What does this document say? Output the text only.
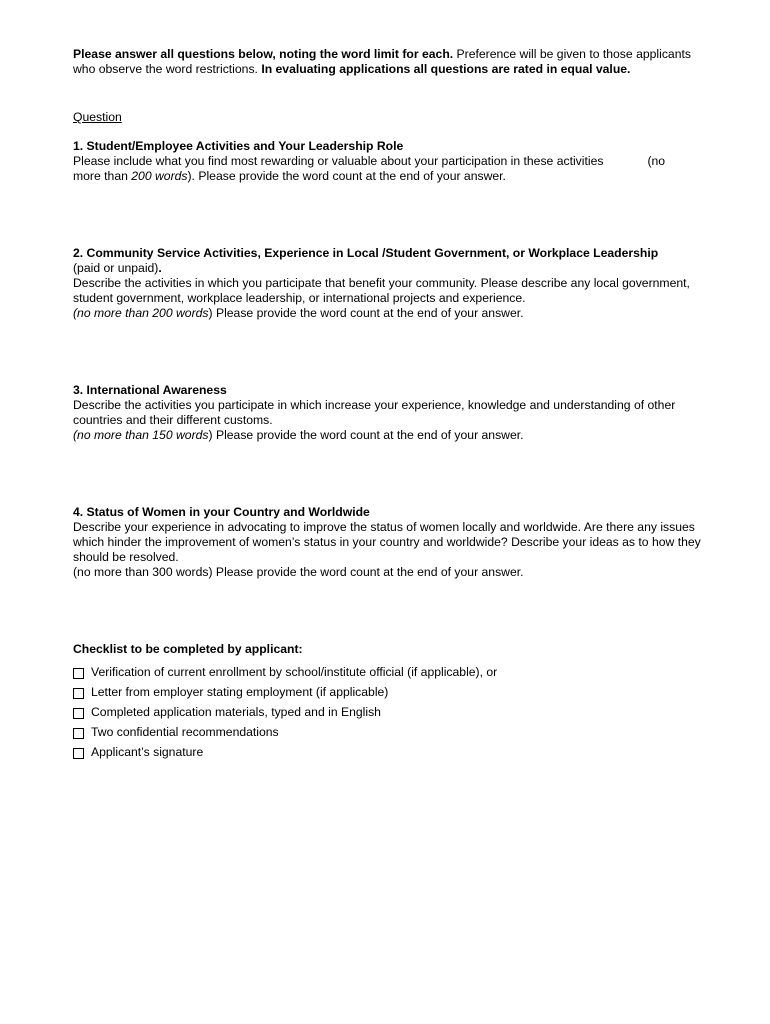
Please answer all questions below, noting the word limit for each. Preference will be given to those applicants who observe the word restrictions. In evaluating applications all questions are rated in equal value.

Question

1. Student/Employee Activities and Your Leadership Role

Please include what you find most rewarding or valuable about your participation in these activities	(no

more than 200 words). Please provide the word count at the end of your answer.

2. Community Service Activities, Experience in Local /Student Government, or Workplace Leadership

(paid or unpaid).

Describe the activities in which you participate that benefit your community. Please describe any local government, student government, workplace leadership, or international projects and experience.

(no more than 200 words) Please provide the word count at the end of your answer.

3. International Awareness

Describe the activities you participate in which increase your experience, knowledge and understanding of other countries and their different customs.

(no more than 150 words) Please provide the word count at the end of your answer.

4. Status of Women in your Country and Worldwide

Describe your experience in advocating to improve the status of women locally and worldwide. Are there any issues which hinder the improvement of women’s status in your country and worldwide? Describe your ideas as to how they should be resolved.

(no more than 300 words) Please provide the word count at the end of your answer.

Checklist to be completed by applicant:

Verification of current enrollment by school/institute official (if applicable), or
Letter from employer stating employment (if applicable)
Completed application materials, typed and in English
Two confidential recommendations
Applicant’s signature
